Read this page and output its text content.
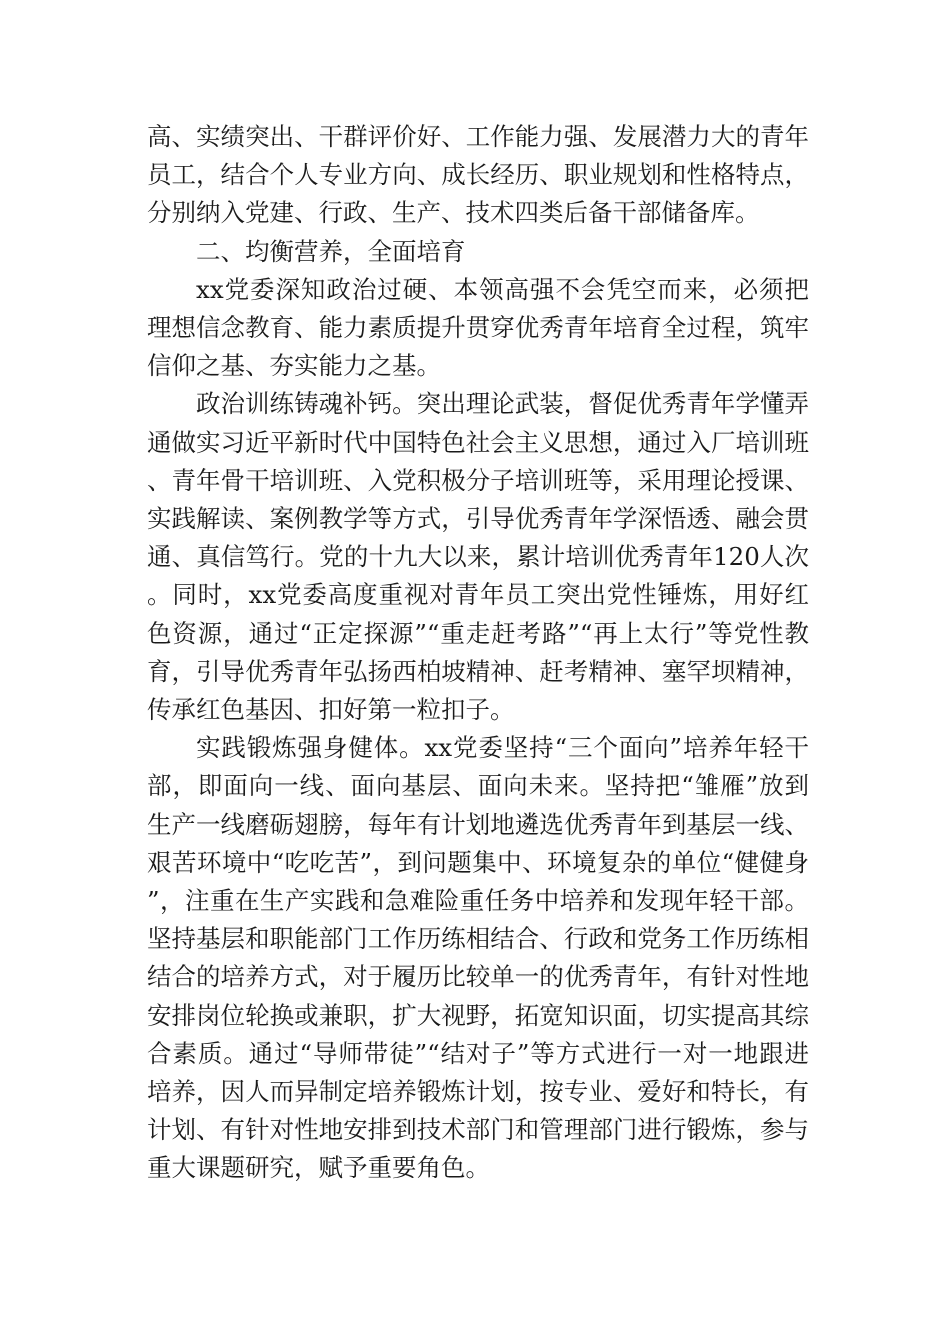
高、实绩突出、干群评价好、工作能力强、发展潜力大的青年员工，结合个人专业方向、成长经历、职业规划和性格特点，分别纳入党建、行政、生产、技术四类后备干部储备库。

二、均衡营养，全面培育

xx党委深知政治过硬、本领高强不会凭空而来，必须把理想信念教育、能力素质提升贯穿优秀青年培育全过程，筑牢信仰之基、夯实能力之基。

政治训练铸魂补钙。突出理论武装，督促优秀青年学懂弄通做实习近平新时代中国特色社会主义思想，通过入厂培训班、青年骨干培训班、入党积极分子培训班等，采用理论授课、实践解读、案例教学等方式，引导优秀青年学深悟透、融会贯通、真信笃行。党的十九大以来，累计培训优秀青年120人次。同时，xx党委高度重视对青年员工突出党性锤炼，用好红色资源，通过“正定探源”“重走赶考路”“再上太行”等党性教育，引导优秀青年弘扬西柏坡精神、赶考精神、塞罕坝精神，传承红色基因、扣好第一粒扣子。

实践锻炼强身健体。xx党委坚持“三个面向”培养年轻干部，即面向一线、面向基层、面向未来。坚持把“雏雁”放到生产一线磨砺翅膀，每年有计划地遴选优秀青年到基层一线、艰苦环境中“吃吃苦”，到问题集中、环境复杂的单位“健健身”，注重在生产实践和急难险重任务中培养和发现年轻干部。坚持基层和职能部门工作历练相结合、行政和党务工作历练相结合的培养方式，对于履历比较单一的优秀青年，有针对性地安排岗位轮换或兼职，扩大视野，拓宽知识面，切实提高其综合素质。通过“导师带徒”“结对子”等方式进行一对一地跟进培养，因人而异制定培养锻炼计划，按专业、爱好和特长，有计划、有针对性地安排到技术部门和管理部门进行锻炼，参与重大课题研究，赋予重要角色。
